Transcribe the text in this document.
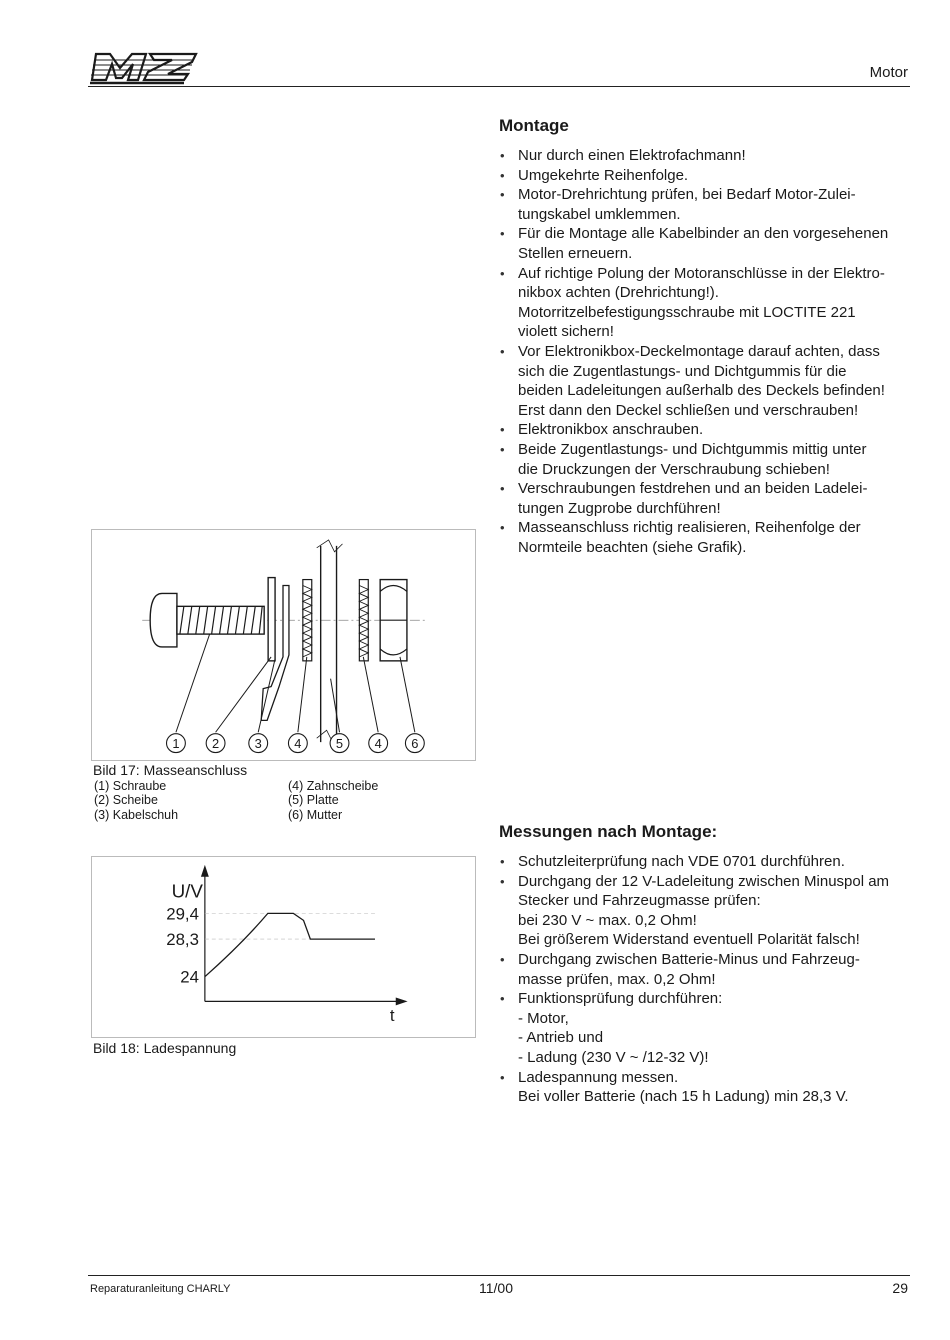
Motor
Montage
• Nur durch einen Elektrofachmann!
• Umgekehrte Reihenfolge.
• Motor-Drehrichtung prüfen, bei Bedarf Motor-Zulei-
tungskabel umklemmen.
• Für die Montage alle Kabelbinder an den vorgesehenen
Stellen erneuern.
• Auf richtige Polung der Motoranschlüsse in der Elektro-
nikbox achten (Drehrichtung!).
Motorritzelbefestigungsschraube mit LOCTITE 221
violett sichern!
• Vor Elektronikbox-Deckelmontage darauf achten, dass
sich die Zugentlastungs- und Dichtgummis für die
beiden Ladeleitungen außerhalb des Deckels befinden!
Erst dann den Deckel schließen und verschrauben!
• Elektronikbox anschrauben.
• Beide Zugentlastungs- und Dichtgummis mittig unter
die Druckzungen der Verschraubung schieben!
• Verschraubungen festdrehen und an beiden Ladelei-
tungen Zugprobe durchführen!
• Masseanschluss richtig realisieren, Reihenfolge der
Normteile beachten (siehe Grafik).
1 2	3 4	5 4 6
Bild 17: Masseanschluss
(1) Schraube
(2) Scheibe
(3) Kabelschuh
(4) Zahnscheibe
(5) Platte
(6) Mutter
U/V
29,4
28,3
24
t
Bild 18: Ladespannung
Messungen nach Montage:
• Schutzleiterprüfung nach VDE 0701 durchführen.
• Durchgang der 12 V-Ladeleitung zwischen Minuspol am
Stecker und Fahrzeugmasse prüfen:
bei 230 V ~ max. 0,2 Ohm!
Bei größerem Widerstand eventuell Polarität falsch!
• Durchgang zwischen Batterie-Minus und Fahrzeug-
masse prüfen, max. 0,2 Ohm!
• Funktionsprüfung durchführen:
- Motor,
- Antrieb und
- Ladung (230 V ~ /12-32 V)!
• Ladespannung messen.
Bei voller Batterie (nach 15 h Ladung) min 28,3 V.
Reparaturanleitung CHARLY	11/00	29
